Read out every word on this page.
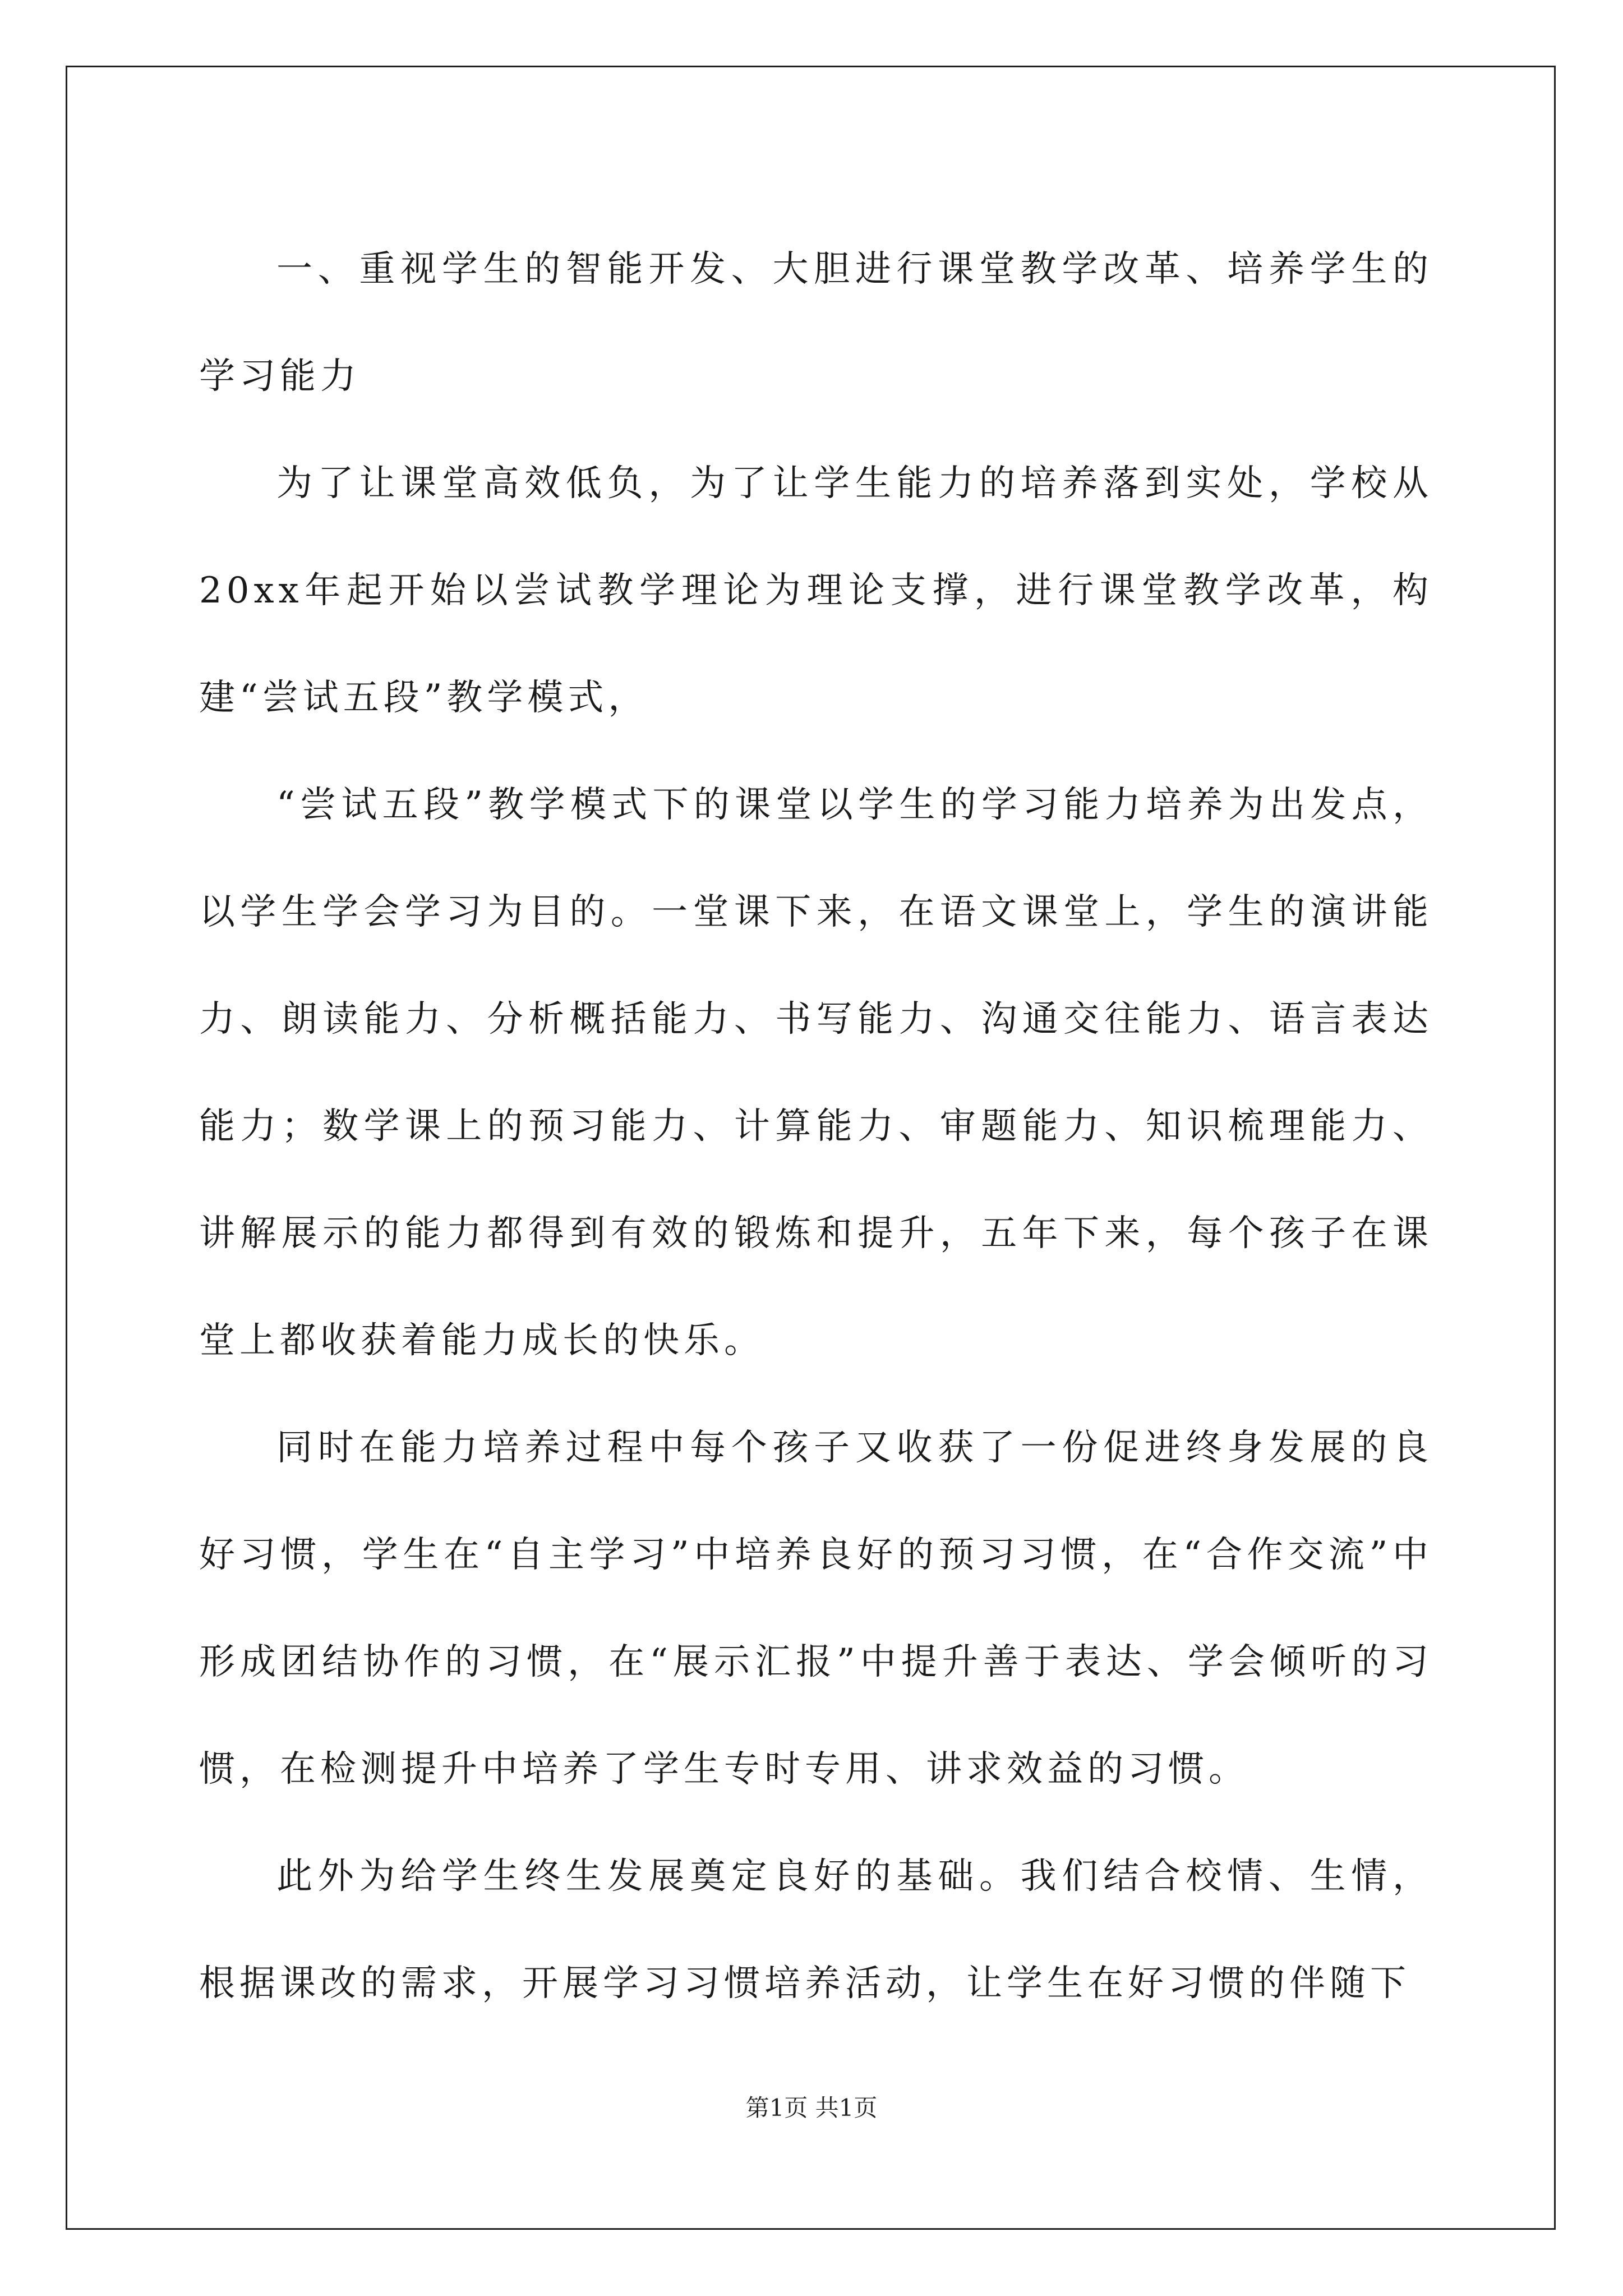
一、重视学生的智能开发、大胆进行课堂教学改革、培养学生的学习能力

为了让课堂高效低负，为了让学生能力的培养落到实处，学校从20xx年起开始以尝试教学理论为理论支撑，进行课堂教学改革，构建“尝试五段”教学模式，

“尝试五段”教学模式下的课堂以学生的学习能力培养为出发点，以学生学会学习为目的。一堂课下来，在语文课堂上，学生的演讲能力、朗读能力、分析概括能力、书写能力、沟通交往能力、语言表达能力；数学课上的预习能力、计算能力、审题能力、知识梳理能力、讲解展示的能力都得到有效的锻炼和提升，五年下来，每个孩子在课堂上都收获着能力成长的快乐。

同时在能力培养过程中每个孩子又收获了一份促进终身发展的良好习惯，学生在“自主学习”中培养良好的预习习惯，在“合作交流”中形成团结协作的习惯，在“展示汇报”中提升善于表达、学会倾听的习惯，在检测提升中培养了学生专时专用、讲求效益的习惯。

此外为给学生终生发展奠定良好的基础。我们结合校情、生情，根据课改的需求，开展学习习惯培养活动，让学生在好习惯的伴随下

第1页 共1页
